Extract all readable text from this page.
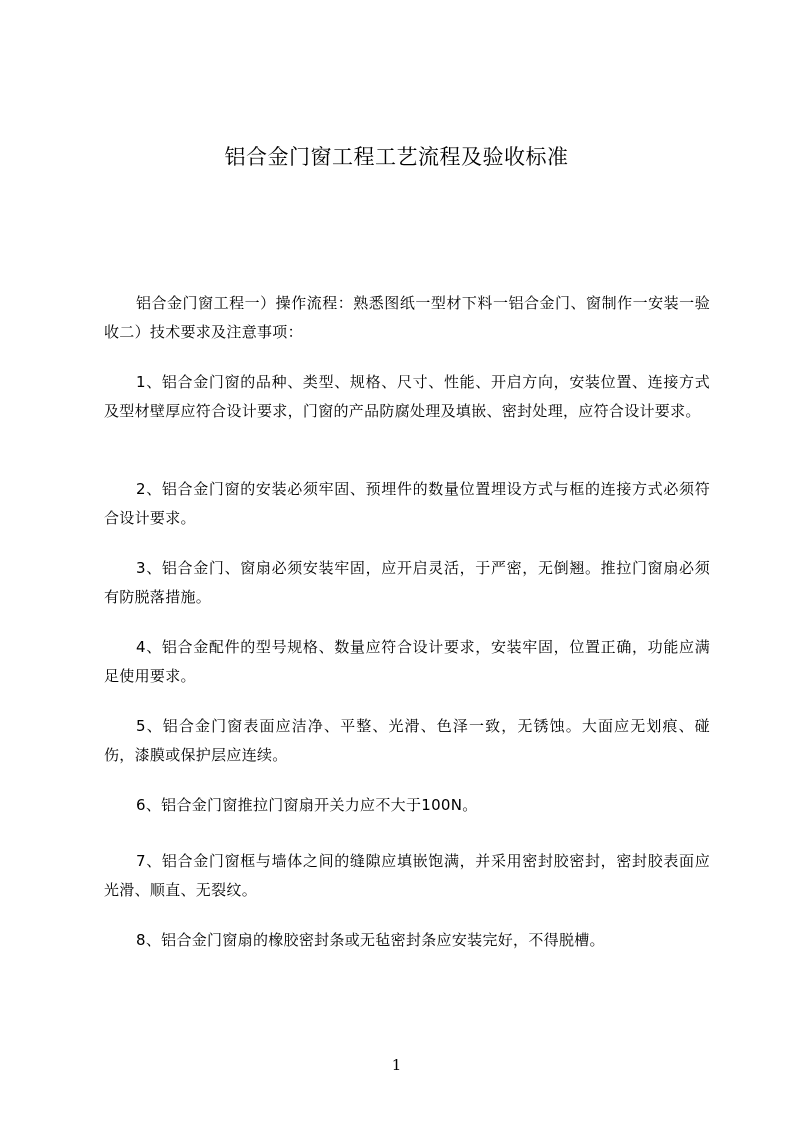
铝合金门窗工程工艺流程及验收标准

铝合金门窗工程一）操作流程：熟悉图纸一型材下料一铝合金门、窗制作一安装一验收二）技术要求及注意事项：

1、铝合金门窗的品种、类型、规格、尺寸、性能、开启方向，安装位置、连接方式及型材壁厚应符合设计要求，门窗的产品防腐处理及填嵌、密封处理，应符合设计要求。

2、铝合金门窗的安装必须牢固、预埋件的数量位置埋设方式与框的连接方式必须符合设计要求。

3、铝合金门、窗扇必须安装牢固，应开启灵活，于严密，无倒翘。推拉门窗扇必须有防脱落措施。

4、铝合金配件的型号规格、数量应符合设计要求，安装牢固，位置正确，功能应满足使用要求。

5、铝合金门窗表面应洁净、平整、光滑、色泽一致，无锈蚀。大面应无划痕、碰伤，漆膜或保护层应连续。

6、铝合金门窗推拉门窗扇开关力应不大于100N。

7、铝合金门窗框与墙体之间的缝隙应填嵌饱满，并采用密封胶密封，密封胶表面应光滑、顺直、无裂纹。

8、铝合金门窗扇的橡胶密封条或无毡密封条应安装完好，不得脱槽。

1
